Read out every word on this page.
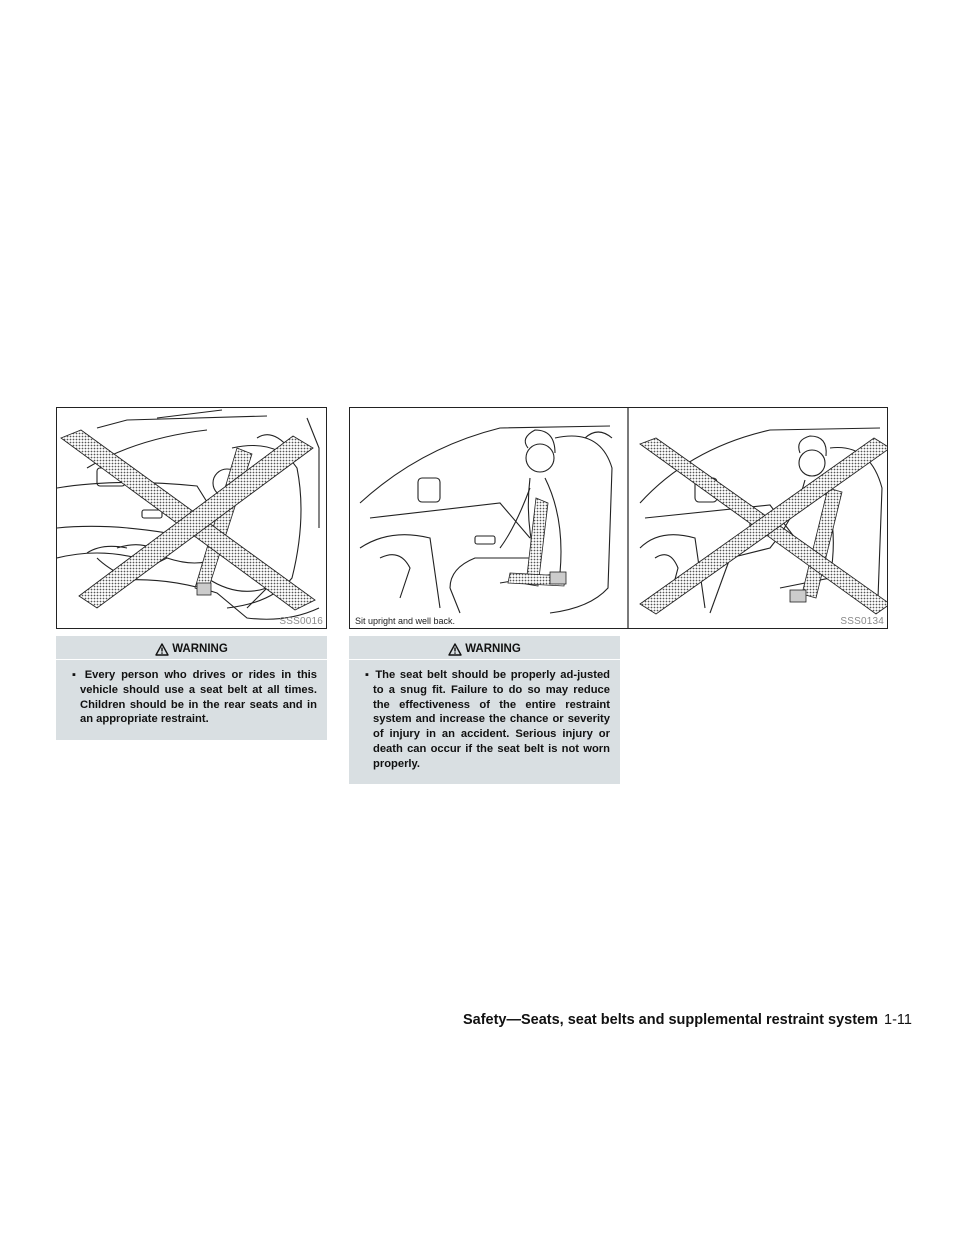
SSS0016	Sit upright and well back.	SSS0134
WARNING
▪ Every person who drives or rides in this vehicle should use a seat belt at all times. Children should be in the rear seats and in an appropriate restraint.
WARNING
▪ The seat belt should be properly ad-justed to a snug fit. Failure to do so may reduce the effectiveness of the entire restraint system and increase the chance or severity of injury in an accident. Serious injury or death can occur if the seat belt is not worn properly.
Safety—Seats, seat belts and supplemental restraint system 1-11
